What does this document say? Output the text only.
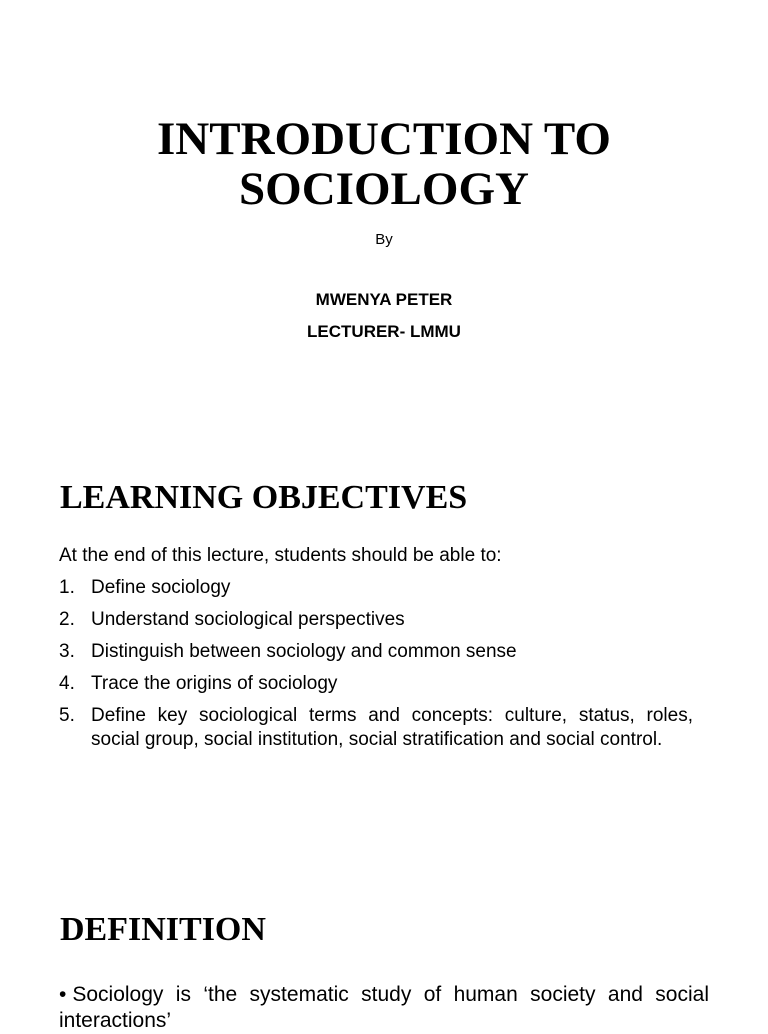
INTRODUCTION TO
SOCIOLOGY
By
MWENYA PETER
LECTURER- LMMU
LEARNING OBJECTIVES
At the end of this lecture, students should be able to:
1. Define sociology
2. Understand sociological perspectives
3. Distinguish between sociology and common sense
4. Trace the origins of sociology
5. Define key sociological terms and concepts: culture, status, roles, social group, social institution, social stratification and social control.
DEFINITION
• Sociology is ‘the systematic study of human society and social interactions’
